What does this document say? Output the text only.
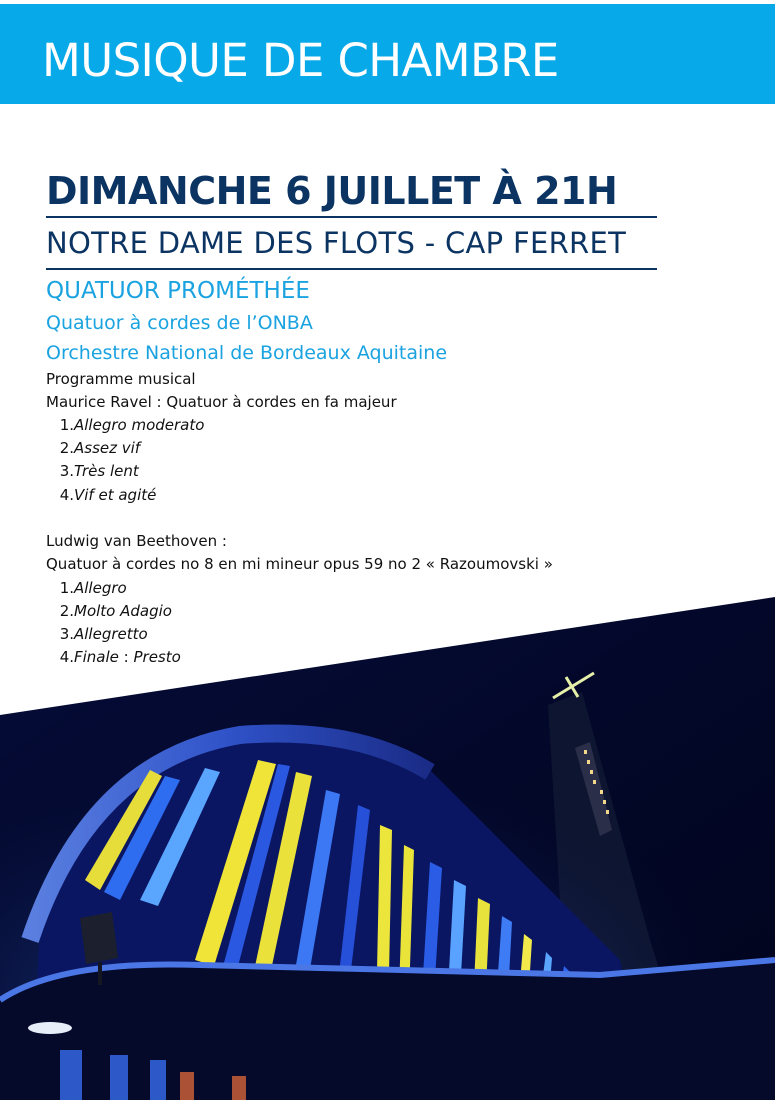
MUSIQUE DE CHAMBRE
DIMANCHE 6 JUILLET À 21H
NOTRE DAME DES FLOTS - CAP FERRET

QUATUOR PROMÉTHÉE

Quatuor à cordes de l’ONBA

Orchestre National de Bordeaux Aquitaine

Programme musical

Maurice Ravel : Quatuor à cordes en fa majeur

1.Allegro moderato

2.Assez vif

3.Très lent

4.Vif et agité

Ludwig van Beethoven :

Quatuor à cordes no 8 en mi mineur opus 59 no 2 « Razoumovski »

1.Allegro

2.Molto Adagio

3.Allegretto

4.Finale : Presto
